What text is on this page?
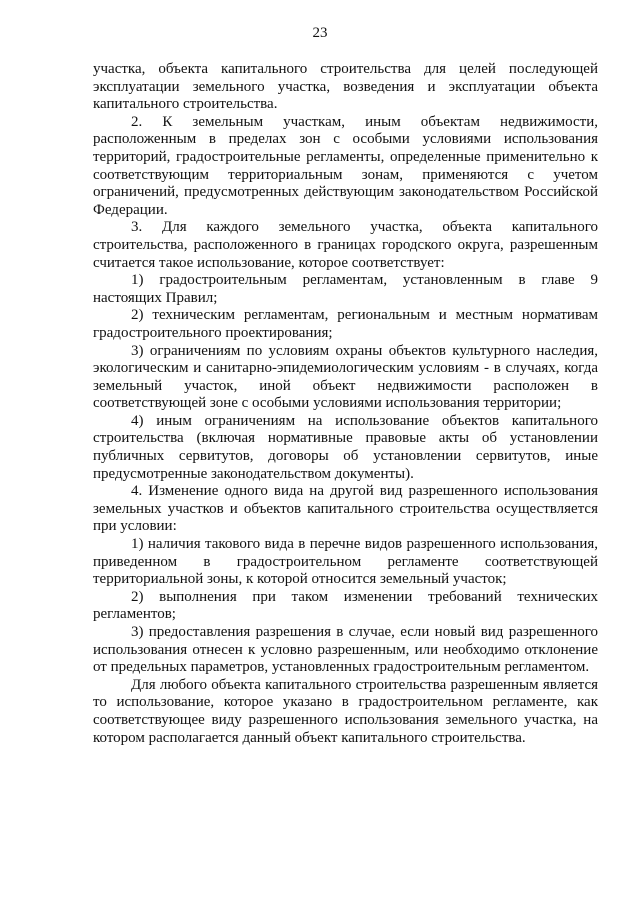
23

участка, объекта капитального строительства для целей последующей эксплуатации земельного участка, возведения и эксплуатации объекта капитального строительства.

2. К земельным участкам, иным объектам недвижимости, расположенным в пределах зон с особыми условиями использования территорий, градостроительные регламенты, определенные применительно к соответствующим территориальным зонам, применяются с учетом ограничений, предусмотренных действующим законодательством Российской Федерации.

3. Для каждого земельного участка, объекта капитального строительства, расположенного в границах городского округа, разрешенным считается такое использование, которое соответствует:

1) градостроительным регламентам, установленным в главе 9 настоящих Правил;

2) техническим регламентам, региональным и местным нормативам градостроительного проектирования;

3) ограничениям по условиям охраны объектов культурного наследия, экологическим и санитарно-эпидемиологическим условиям - в случаях, когда земельный участок, иной объект недвижимости расположен в соответствующей зоне с особыми условиями использования территории;

4) иным ограничениям на использование объектов капитального строительства (включая нормативные правовые акты об установлении публичных сервитутов, договоры об установлении сервитутов, иные предусмотренные законодательством документы).

4. Изменение одного вида на другой вид разрешенного использования земельных участков и объектов капитального строительства осуществляется при условии:

1) наличия такового вида в перечне видов разрешенного использования, приведенном в градостроительном регламенте соответствующей территориальной зоны, к которой относится земельный участок;

2) выполнения при таком изменении требований технических регламентов;

3) предоставления разрешения в случае, если новый вид разрешенного использования отнесен к условно разрешенным, или необходимо отклонение от предельных параметров, установленных градостроительным регламентом.

Для любого объекта капитального строительства разрешенным является то использование, которое указано в градостроительном регламенте, как соответствующее виду разрешенного использования земельного участка, на котором располагается данный объект капитального строительства.
